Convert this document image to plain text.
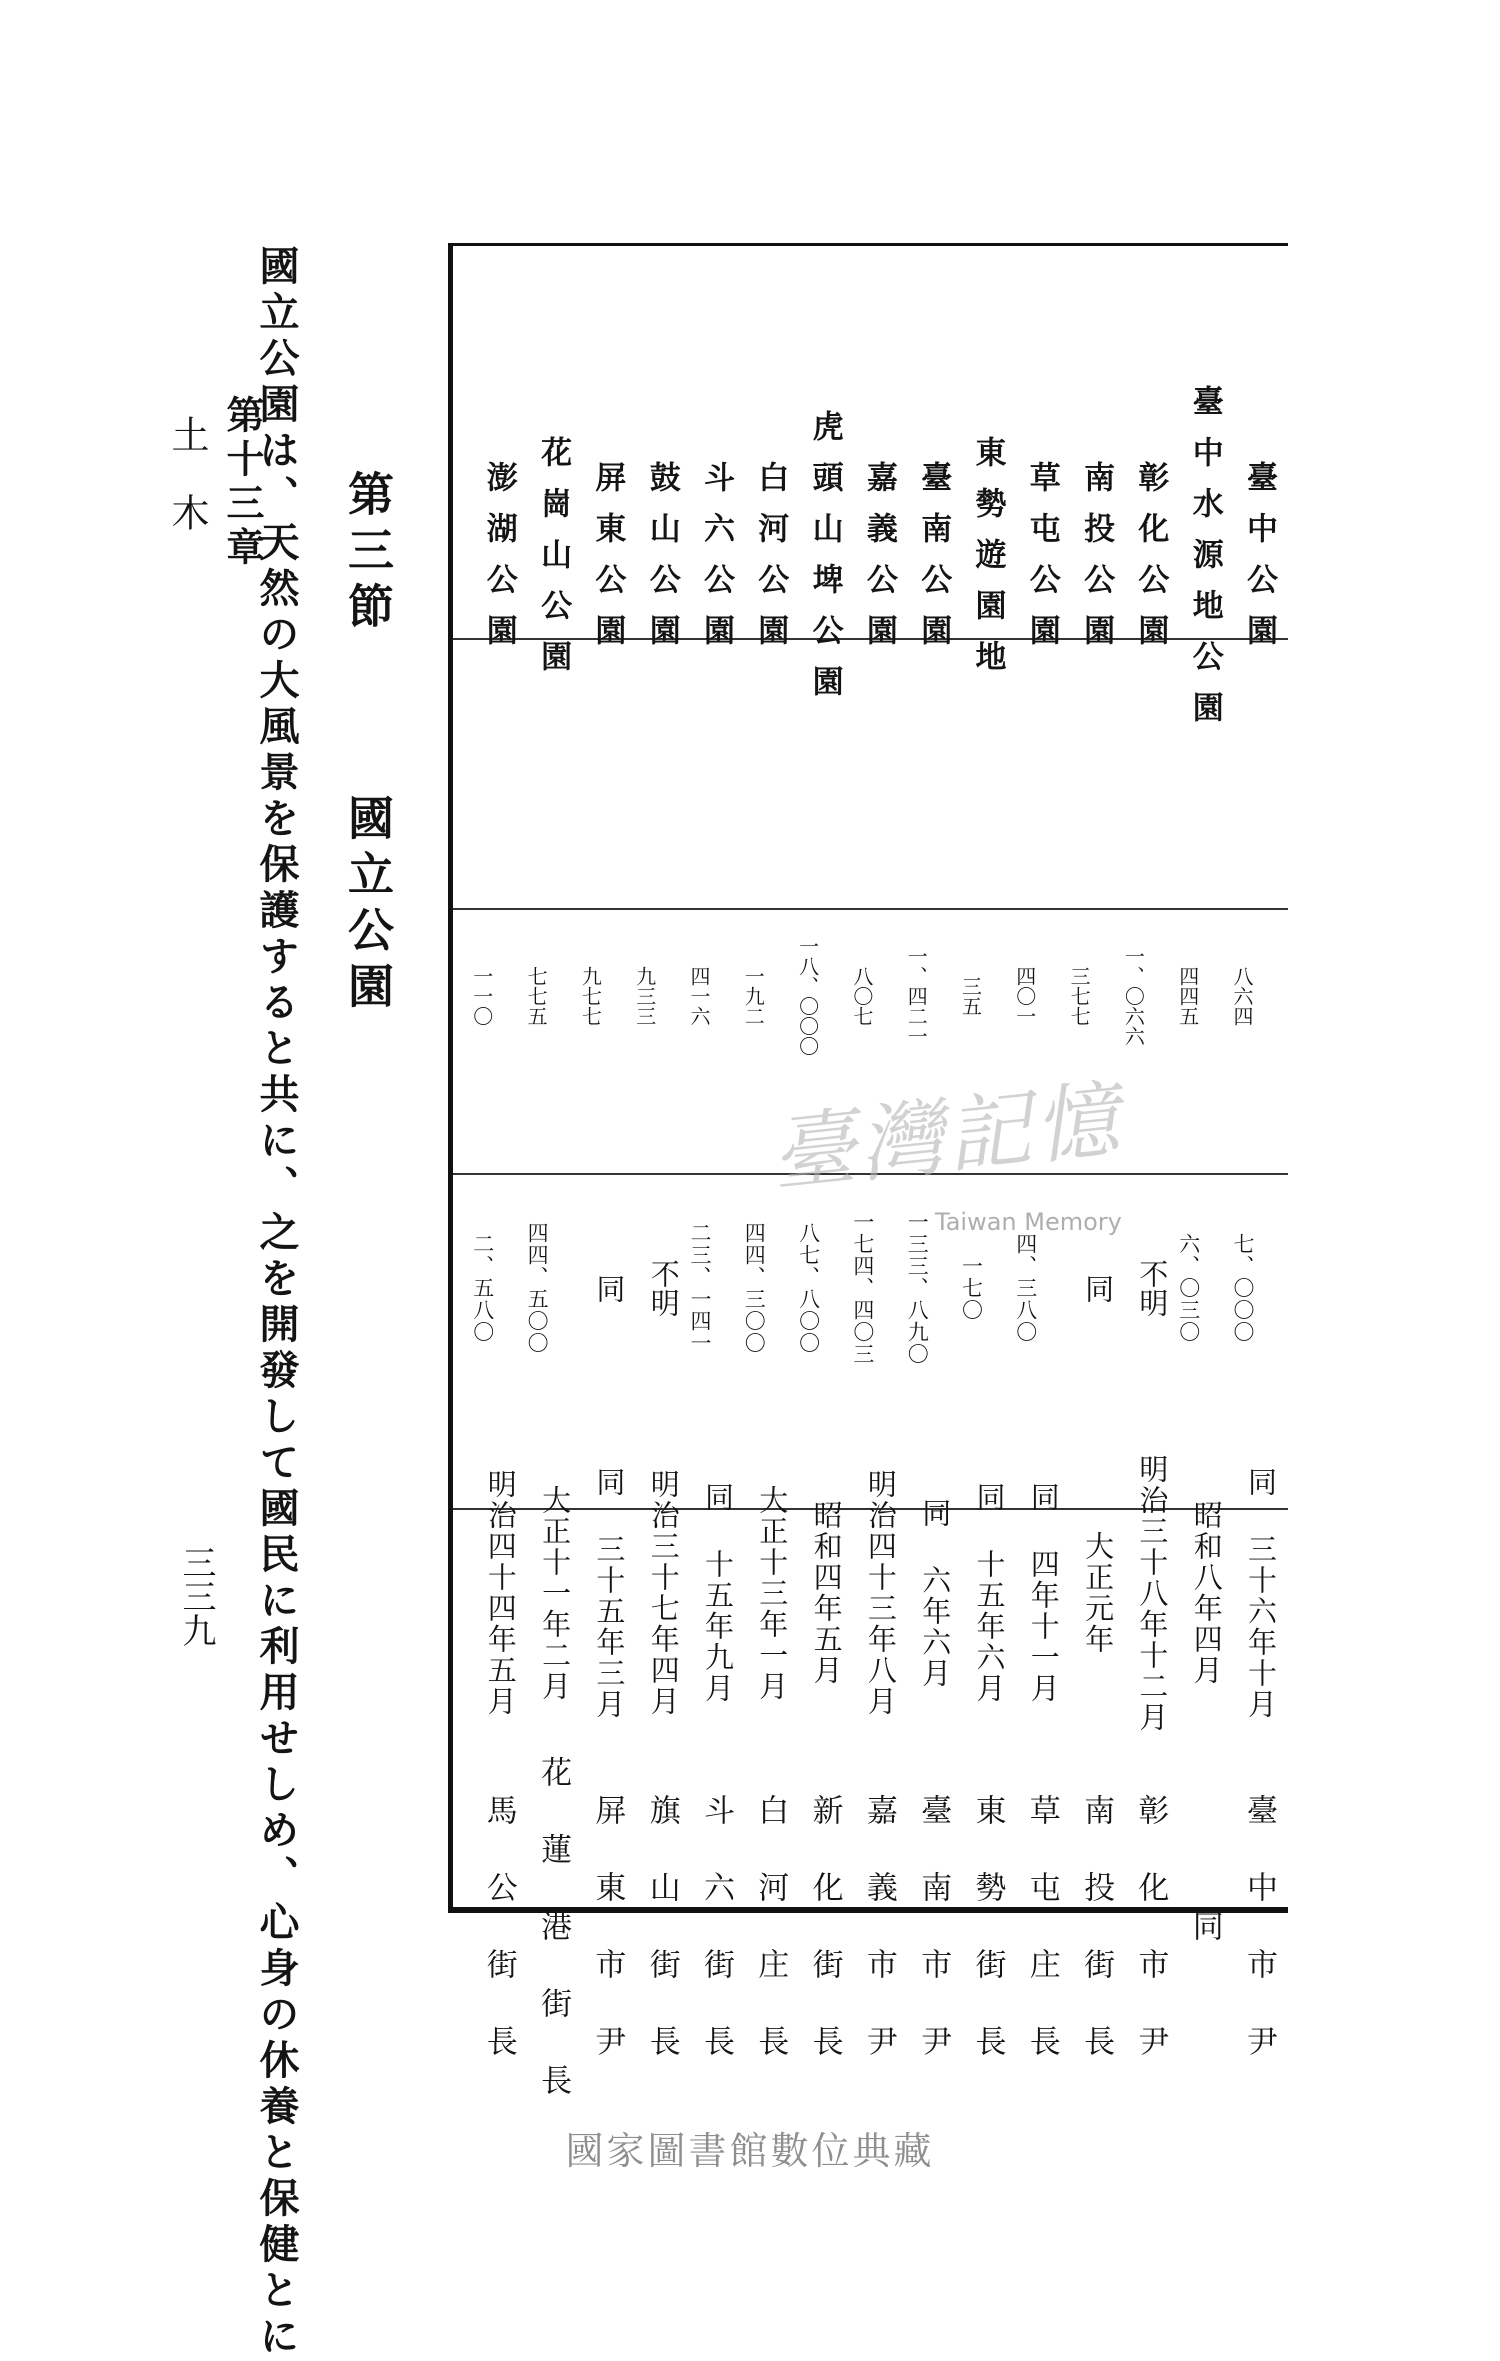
第十三章
土木
三三九 國立公園は、天然の大風景を保護すると共に、之を開發して國民に利用せしめ、心身の休養と保健とに 第三節  國立公園
臺中公園
八六四
七、〇〇〇
同 三十六年十月
臺中市尹
臺中水源地公園
四四五
六、〇三〇
昭和八年四月
同
彰化公園
一、〇六六
不明
明治三十八年十二月
彰化市尹
南投公園
三七七
同
大正元年
南投街長
草屯公園
四〇一
四、三八〇
同 四年十一月
草屯庄長
東勢遊園地
三五
一七〇
同 十五年六月
東勢街長
臺南公園
一、四二一
一三三、八九〇
同 六年六月
臺南市尹
嘉義公園
八〇七
一七四、四〇三
明治四十三年八月
嘉義市尹
虎頭山埤公園
一八、〇〇〇
八七、八〇〇
昭和四年五月
新化街長
白河公園
一九二
四四、三〇〇
大正十三年一月
白河庄長
斗六公園
四一六
二三、一四一
同 十五年九月
斗六街長
鼓山公園
九三三
不明
明治三十七年四月
旗山街長
屏東公園
九七七
同
同 三十五年三月
屏東市尹
花崗山公園
七七五
四四、五〇〇
大正十一年二月
花蓮港街長
澎湖公園
一一〇
二、五八〇
明治四十四年五月
馬公街長
臺灣記憶
Taiwan Memory
國家圖書館數位典藏
